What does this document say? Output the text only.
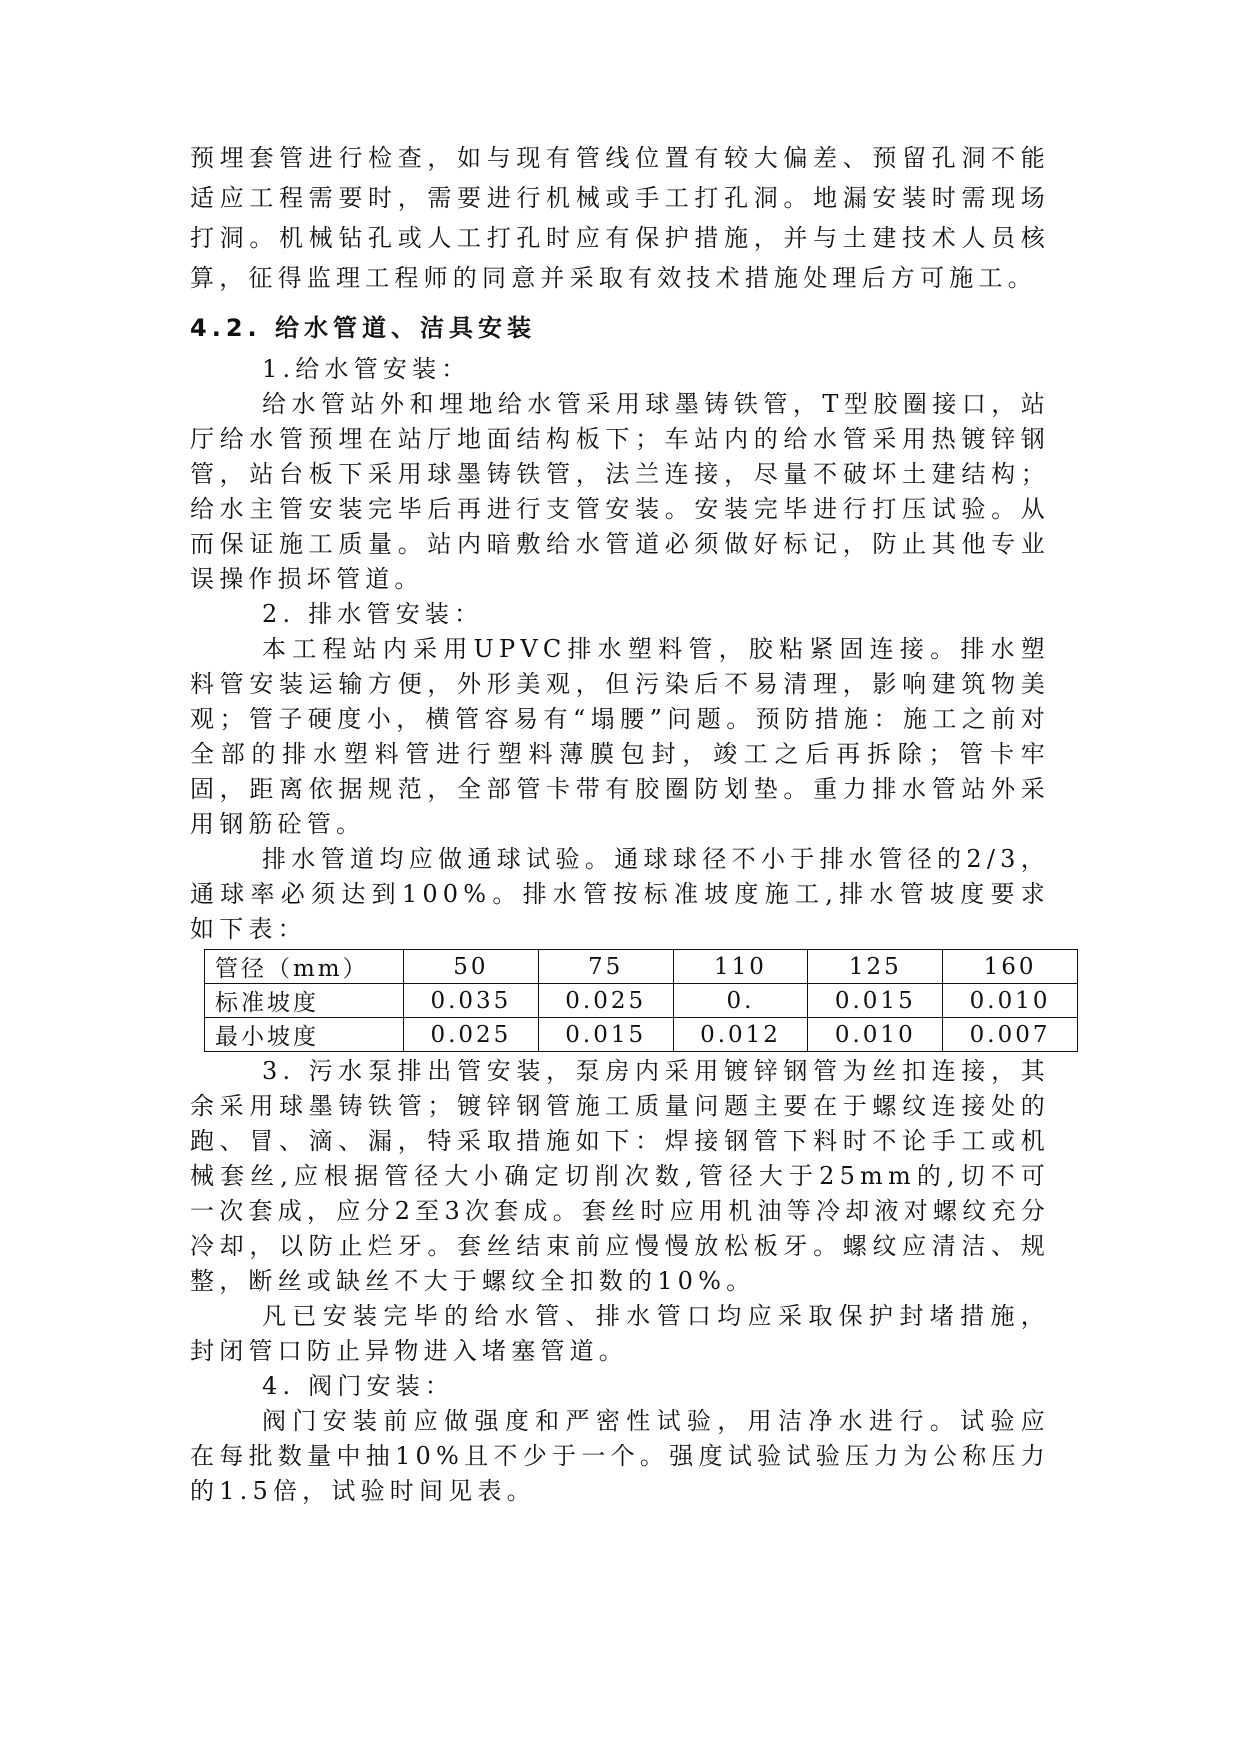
预埋套管进行检查，如与现有管线位置有较大偏差、预留孔洞不能适应工程需要时，需要进行机械或手工打孔洞。地漏安装时需现场打洞。机械钻孔或人工打孔时应有保护措施，并与土建技术人员核算，征得监理工程师的同意并采取有效技术措施处理后方可施工。

4.2. 给水管道、洁具安装

1.给水管安装：

给水管站外和埋地给水管采用球墨铸铁管，T型胶圈接口，站厅给水管预埋在站厅地面结构板下；车站内的给水管采用热镀锌钢管，站台板下采用球墨铸铁管，法兰连接，尽量不破坏土建结构；给水主管安装完毕后再进行支管安装。安装完毕进行打压试验。从而保证施工质量。站内暗敷给水管道必须做好标记，防止其他专业误操作损坏管道。

2. 排水管安装：

本工程站内采用UPVC排水塑料管，胶粘紧固连接。排水塑料管安装运输方便，外形美观，但污染后不易清理，影响建筑物美观；管子硬度小，横管容易有“塌腰”问题。预防措施：施工之前对全部的排水塑料管进行塑料薄膜包封，竣工之后再拆除；管卡牢固，距离依据规范，全部管卡带有胶圈防划垫。重力排水管站外采用钢筋砼管。

排水管道均应做通球试验。通球球径不小于排水管径的2/3，通球率必须达到100%。排水管按标准坡度施工,排水管坡度要求如下表：

管径（mm）	50	75	110	125	160
标准坡度	0.035	0.025	0.	0.015	0.010
最小坡度	0.025	0.015	0.012	0.010	0.007

3. 污水泵排出管安装，泵房内采用镀锌钢管为丝扣连接，其余采用球墨铸铁管；镀锌钢管施工质量问题主要在于螺纹连接处的跑、冒、滴、漏，特采取措施如下：焊接钢管下料时不论手工或机械套丝,应根据管径大小确定切削次数,管径大于25mm的,切不可一次套成，应分2至3次套成。套丝时应用机油等冷却液对螺纹充分冷却，以防止烂牙。套丝结束前应慢慢放松板牙。螺纹应清洁、规整，断丝或缺丝不大于螺纹全扣数的10%。

凡已安装完毕的给水管、排水管口均应采取保护封堵措施，封闭管口防止异物进入堵塞管道。

4. 阀门安装：

阀门安装前应做强度和严密性试验，用洁净水进行。试验应在每批数量中抽10%且不少于一个。强度试验试验压力为公称压力的1.5倍，试验时间见表。
